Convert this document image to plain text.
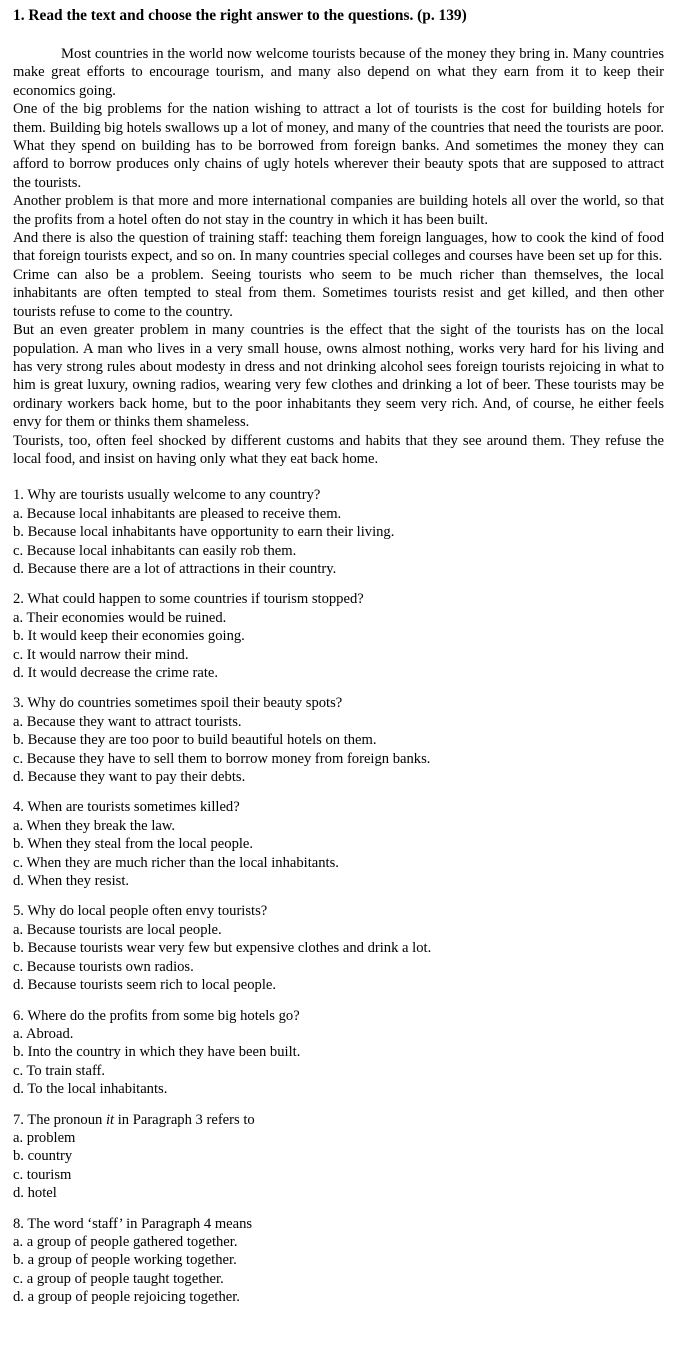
1. Read the text and choose the right answer to the questions. (p. 139)

Most countries in the world now welcome tourists because of the money they bring in. Many countries make great efforts to encourage tourism, and many also depend on what they earn from it to keep their economics going.

One of the big problems for the nation wishing to attract a lot of tourists is the cost for building hotels for them. Building big hotels swallows up a lot of money, and many of the countries that need the tourists are poor. What they spend on building has to be borrowed from foreign banks. And sometimes the money they can afford to borrow produces only chains of ugly hotels wherever their beauty spots that are supposed to attract the tourists.

Another problem is that more and more international companies are building hotels all over the world, so that the profits from a hotel often do not stay in the country in which it has been built.

And there is also the question of training staff: teaching them foreign languages, how to cook the kind of food that foreign tourists expect, and so on. In many countries special colleges and courses have been set up for this.

Crime can also be a problem. Seeing tourists who seem to be much richer than themselves, the local inhabitants are often tempted to steal from them. Sometimes tourists resist and get killed, and then other tourists refuse to come to the country.

But an even greater problem in many countries is the effect that the sight of the tourists has on the local population. A man who lives in a very small house, owns almost nothing, works very hard for his living and has very strong rules about modesty in dress and not drinking alcohol sees foreign tourists rejoicing in what to him is great luxury, owning radios, wearing very few clothes and drinking a lot of beer. These tourists may be ordinary workers back home, but to the poor inhabitants they seem very rich. And, of course, he either feels envy for them or thinks them shameless.

Tourists, too, often feel shocked by different customs and habits that they see around them. They refuse the local food, and insist on having only what they eat back home.

1. Why are tourists usually welcome to any country?
a. Because local inhabitants are pleased to receive them.
b. Because local inhabitants have opportunity to earn their living.
c. Because local inhabitants can easily rob them.
d. Because there are a lot of attractions in their country.
2. What could happen to some countries if tourism stopped?
a. Their economies would be ruined.
b. It would keep their economies going.
c. It would narrow their mind.
d. It would decrease the crime rate.
3. Why do countries sometimes spoil their beauty spots?
a. Because they want to attract tourists.
b. Because they are too poor to build beautiful hotels on them.
c. Because they have to sell them to borrow money from foreign banks.
d. Because they want to pay their debts.
4. When are tourists sometimes killed?
a. When they break the law.
b. When they steal from the local people.
c. When they are much richer than the local inhabitants.
d. When they resist.
5. Why do local people often envy tourists?
a. Because tourists are local people.
b. Because tourists wear very few but expensive clothes and drink a lot.
c. Because tourists own radios.
d. Because tourists seem rich to local people.
6. Where do the profits from some big hotels go?
a. Abroad.
b. Into the country in which they have been built.
c. To train staff.
d. To the local inhabitants.
7. The pronoun it in Paragraph 3 refers to
a. problem
b. country
c. tourism
d. hotel
8. The word ‘staff’ in Paragraph 4 means
a. a group of people gathered together.
b. a group of people working together.
c. a group of people taught together.
d. a group of people rejoicing together.
